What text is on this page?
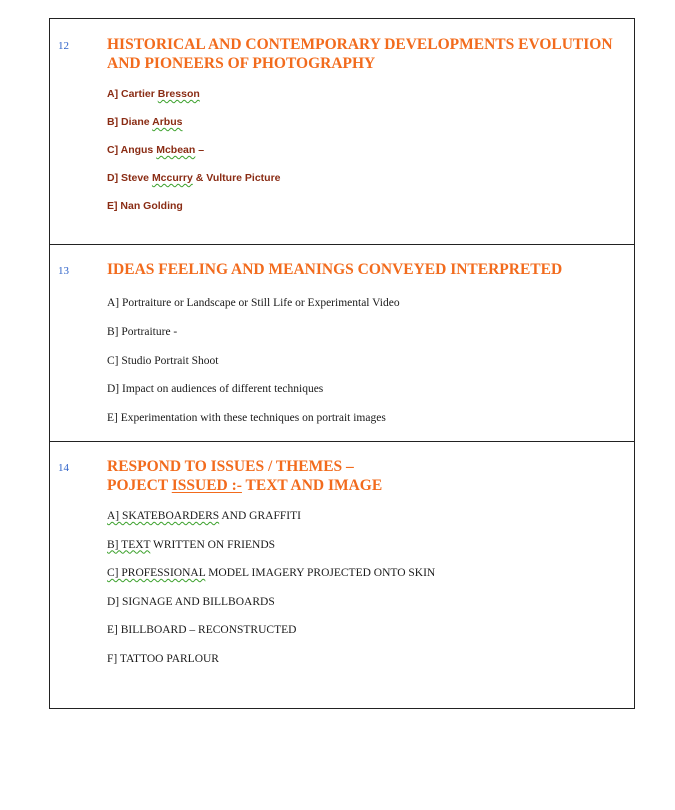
12 HISTORICAL AND CONTEMPORARY DEVELOPMENTS EVOLUTION
AND PIONEERS OF PHOTOGRAPHY
A] Cartier Bresson
B] Diane Arbus
C] Angus Mcbean –
D] Steve Mccurry & Vulture Picture
E] Nan Golding
13 IDEAS FEELING AND MEANINGS CONVEYED INTERPRETED
A] Portraiture or Landscape or Still Life or Experimental Video
B] Portraiture -
C] Studio Portrait Shoot
D] Impact on audiences of different techniques
E] Experimentation with these techniques on portrait images
14 RESPOND TO ISSUES / THEMES –
POJECT ISSUED :- TEXT AND IMAGE
A] SKATEBOARDERS AND GRAFFITI
B] TEXT WRITTEN ON FRIENDS
C] PROFESSIONAL MODEL IMAGERY PROJECTED ONTO SKIN
D] SIGNAGE AND BILLBOARDS
E] BILLBOARD – RECONSTRUCTED
F] TATTOO PARLOUR
